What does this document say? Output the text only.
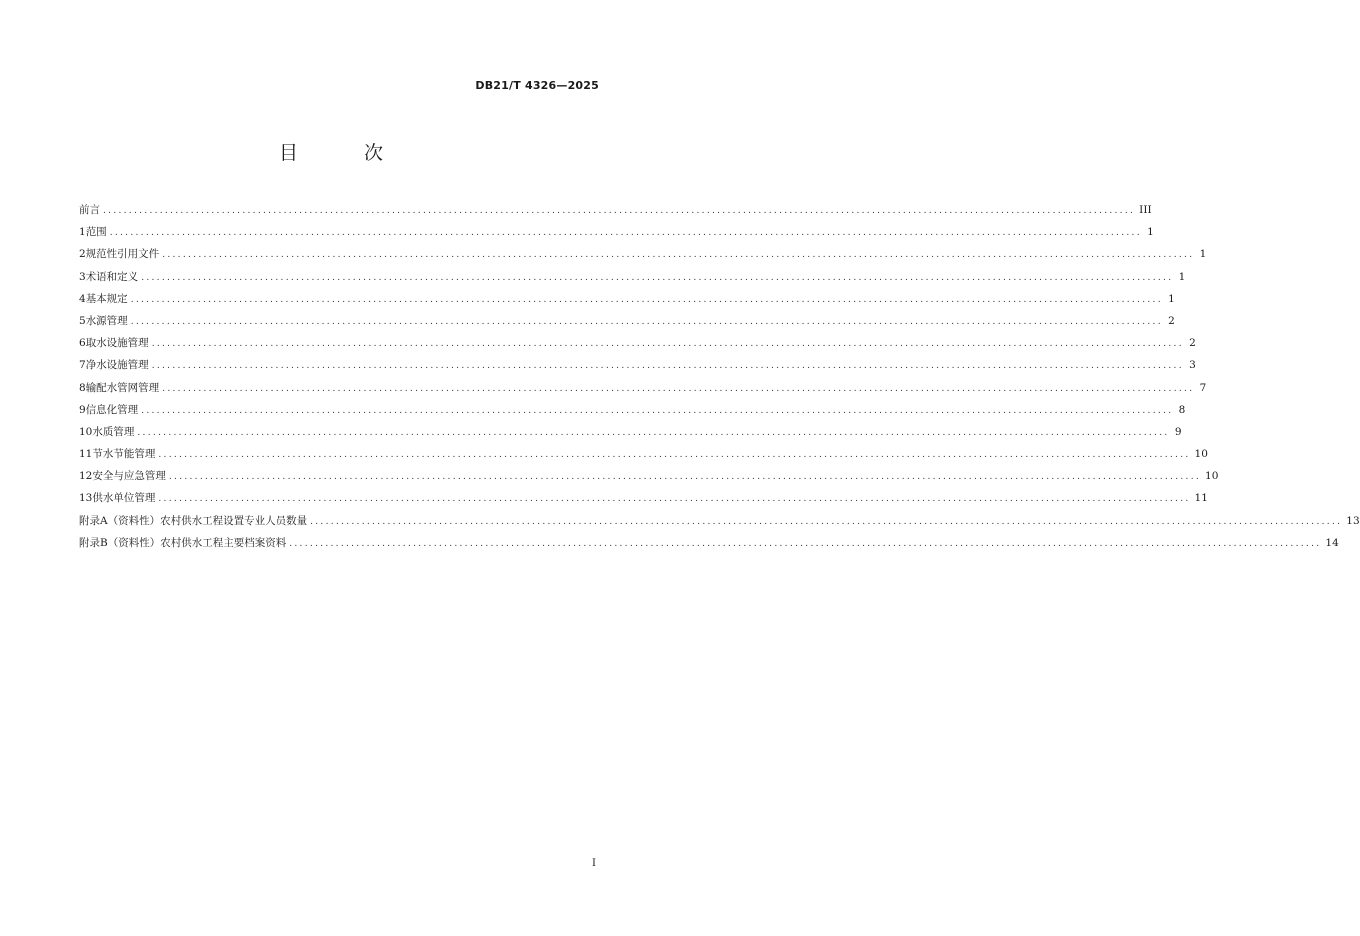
DB21/T 4326—2025
目 次
前言 ........................................................................................................................................................................................................ III
1 范围 ........................................................................................................................................................................................................ 1
2 规范性引用文件 ........................................................................................................................................................................................................ 1
3 术语和定义 ........................................................................................................................................................................................................ 1
4 基本规定 ........................................................................................................................................................................................................ 1
5 水源管理 ........................................................................................................................................................................................................ 2
6 取水设施管理 ........................................................................................................................................................................................................ 2
7 净水设施管理 ........................................................................................................................................................................................................ 3
8 输配水管网管理 ........................................................................................................................................................................................................ 7
9 信息化管理 ........................................................................................................................................................................................................ 8
10 水质管理 ........................................................................................................................................................................................................ 9
11 节水节能管理 ........................................................................................................................................................................................................ 10
12 安全与应急管理 ........................................................................................................................................................................................................ 10
13 供水单位管理 ........................................................................................................................................................................................................ 11
附录A（资料性） 农村供水工程设置专业人员数量 ........................................................................................................................................................................................................ 13
附录B（资料性） 农村供水工程主要档案资料 ........................................................................................................................................................................................................ 14
I
